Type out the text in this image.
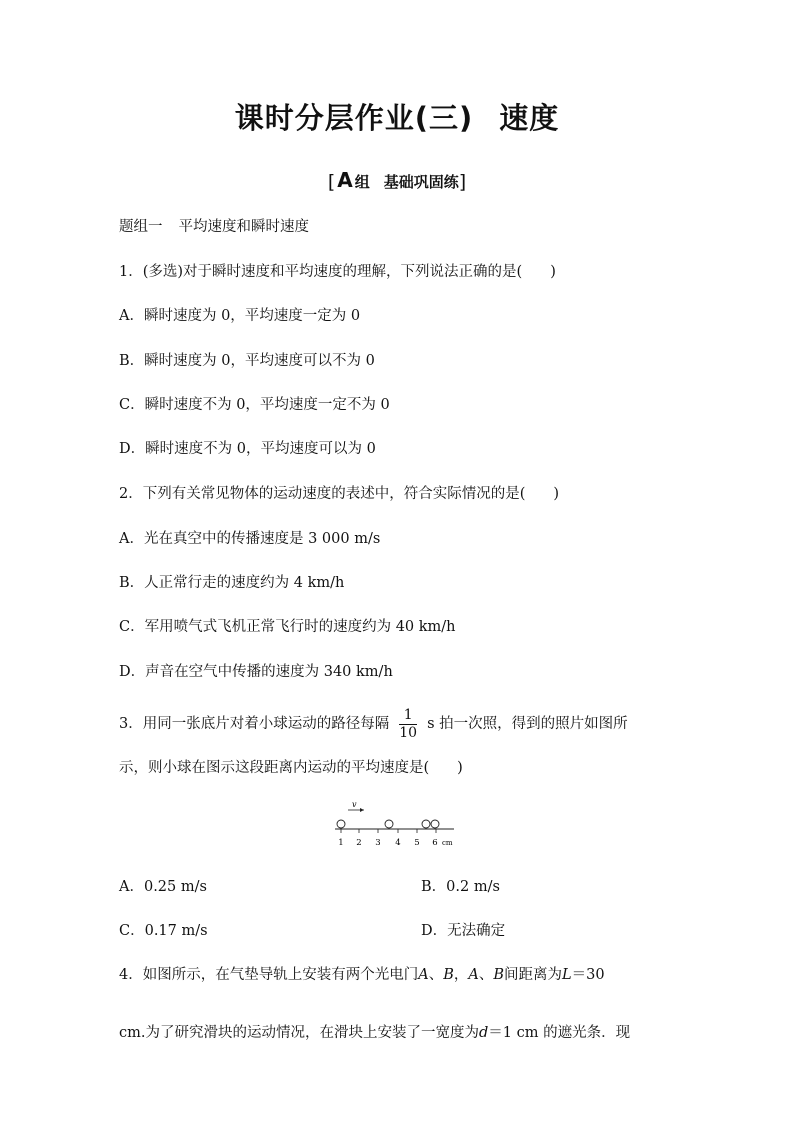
课时分层作业(三) 速度
[ A 组 基础巩固练]
题组一 平均速度和瞬时速度
1．(多选)对于瞬时速度和平均速度的理解，下列说法正确的是( )
A．瞬时速度为 0，平均速度一定为 0
B．瞬时速度为 0，平均速度可以不为 0
C．瞬时速度不为 0，平均速度一定不为 0
D．瞬时速度不为 0，平均速度可以为 0
2．下列有关常见物体的运动速度的表述中，符合实际情况的是( )
A．光在真空中的传播速度是 3 000 m/s
B．人正常行走的速度约为 4 km/h
C．军用喷气式飞机正常飞行时的速度约为 40 km/h
D．声音在空气中传播的速度为 340 km/h
3．用同一张底片对着小球运动的路径每隔 $\frac{1}{10}$ s 拍一次照，得到的照片如图所
示，则小球在图示这段距离内运动的平均速度是( )
v
1 2 3 4 5 6 cm
A．0.25 m/s	B．0.2 m/s
C．0.17 m/s	D．无法确定
4．如图所示，在气垫导轨上安装有两个光电门A、B，A、B间距离为L＝30
cm.为了研究滑块的运动情况，在滑块上安装了一宽度为d＝1 cm 的遮光条．现
